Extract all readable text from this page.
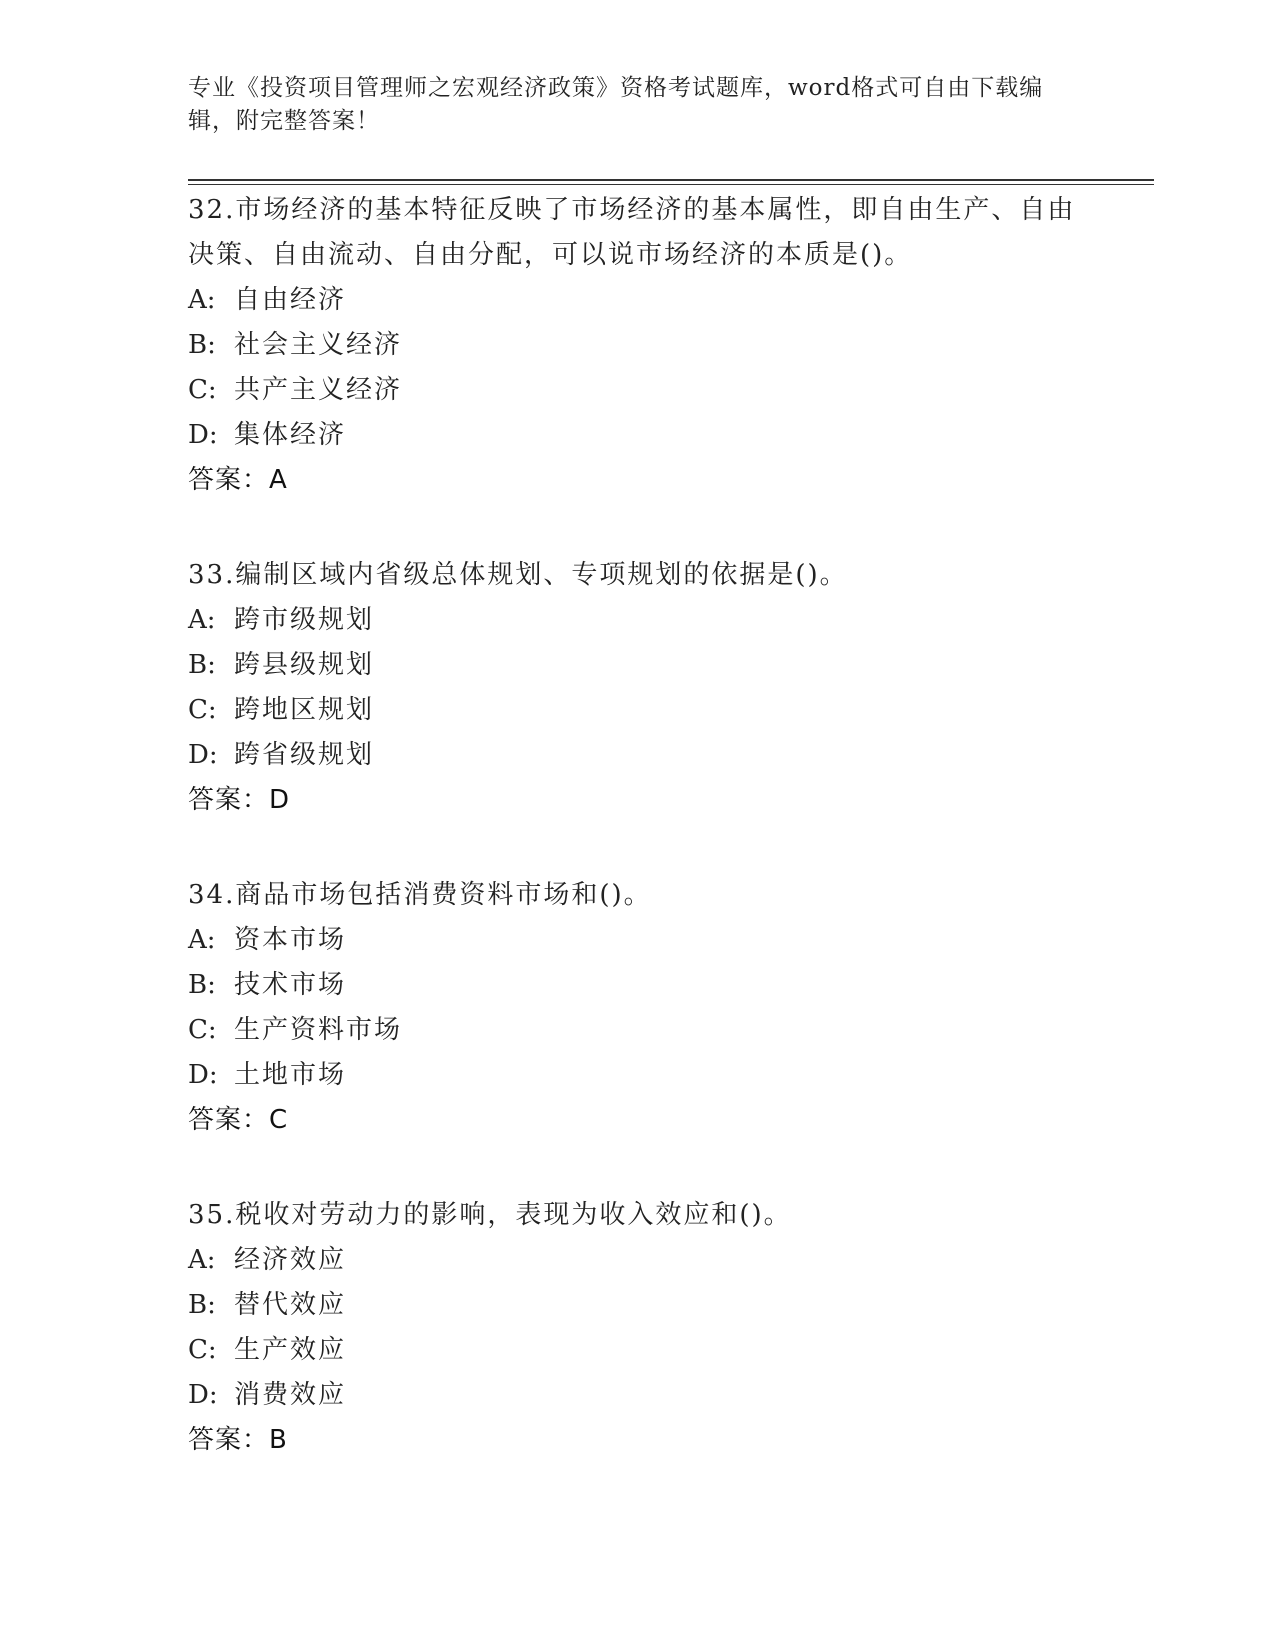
专业《投资项目管理师之宏观经济政策》资格考试题库，word格式可自由下载编辑，附完整答案！

32.市场经济的基本特征反映了市场经济的基本属性，即自由生产、自由决策、自由流动、自由分配，可以说市场经济的本质是()。

A: 自由经济

B: 社会主义经济

C: 共产主义经济

D: 集体经济

答案：A

33.编制区域内省级总体规划、专项规划的依据是()。

A: 跨市级规划

B: 跨县级规划

C: 跨地区规划

D: 跨省级规划

答案：D

34.商品市场包括消费资料市场和()。

A: 资本市场

B: 技术市场

C: 生产资料市场

D: 土地市场

答案：C

35.税收对劳动力的影响，表现为收入效应和()。

A: 经济效应

B: 替代效应

C: 生产效应

D: 消费效应

答案：B
